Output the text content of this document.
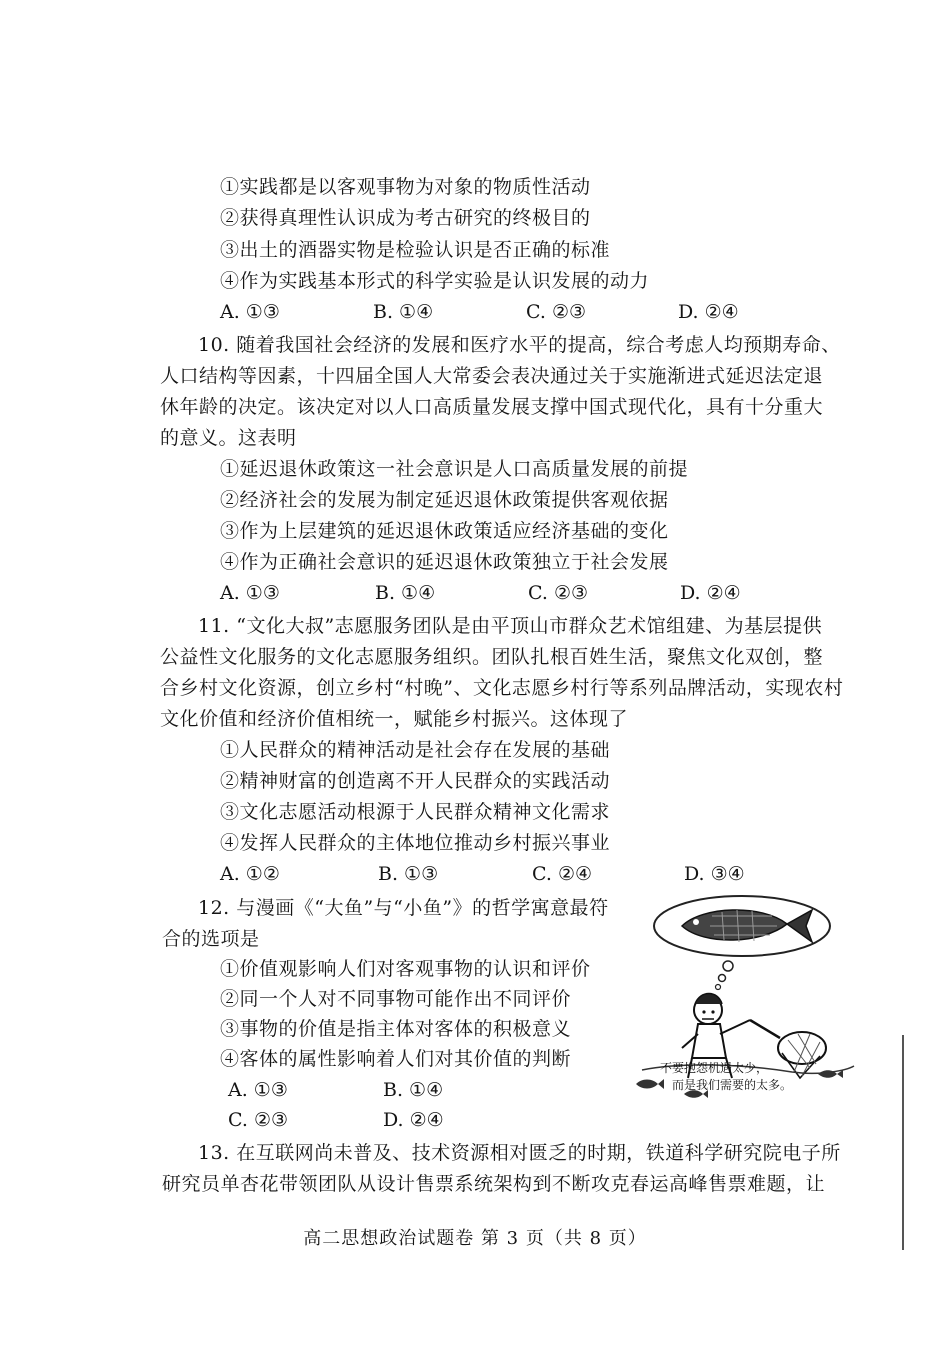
①实践都是以客观事物为对象的物质性活动
②获得真理性认识成为考古研究的终极目的
③出土的酒器实物是检验认识是否正确的标准
④作为实践基本形式的科学实验是认识发展的动力
A. ①③	B. ①④	C. ②③	D. ②④
10. 随着我国社会经济的发展和医疗水平的提高，综合考虑人均预期寿命、
人口结构等因素，十四届全国人大常委会表决通过关于实施渐进式延迟法定退
休年龄的决定。该决定对以人口高质量发展支撑中国式现代化，具有十分重大
的意义。这表明
①延迟退休政策这一社会意识是人口高质量发展的前提
②经济社会的发展为制定延迟退休政策提供客观依据
③作为上层建筑的延迟退休政策适应经济基础的变化
④作为正确社会意识的延迟退休政策独立于社会发展
A. ①③	B. ①④	C. ②③	D. ②④
11. “文化大叔”志愿服务团队是由平顶山市群众艺术馆组建、为基层提供
公益性文化服务的文化志愿服务组织。团队扎根百姓生活，聚焦文化双创，整
合乡村文化资源，创立乡村“村晚”、文化志愿乡村行等系列品牌活动，实现农村
文化价值和经济价值相统一，赋能乡村振兴。这体现了
①人民群众的精神活动是社会存在发展的基础
②精神财富的创造离不开人民群众的实践活动
③文化志愿活动根源于人民群众精神文化需求
④发挥人民群众的主体地位推动乡村振兴事业
A. ①②	B. ①③	C. ②④	D. ③④
12. 与漫画《“大鱼”与“小鱼”》的哲学寓意最符
合的选项是
①价值观影响人们对客观事物的认识和评价
②同一个人对不同事物可能作出不同评价
③事物的价值是指主体对客体的积极意义
④客体的属性影响着人们对其价值的判断
A. ①③	B. ①④
C. ②③	D. ②④
不要抱怨机遇太少，
而是我们需要的太多。
13. 在互联网尚未普及、技术资源相对匮乏的时期，铁道科学研究院电子所
研究员单杏花带领团队从设计售票系统架构到不断攻克春运高峰售票难题，让
高二思想政治试题卷 第 3 页（共 8 页）
